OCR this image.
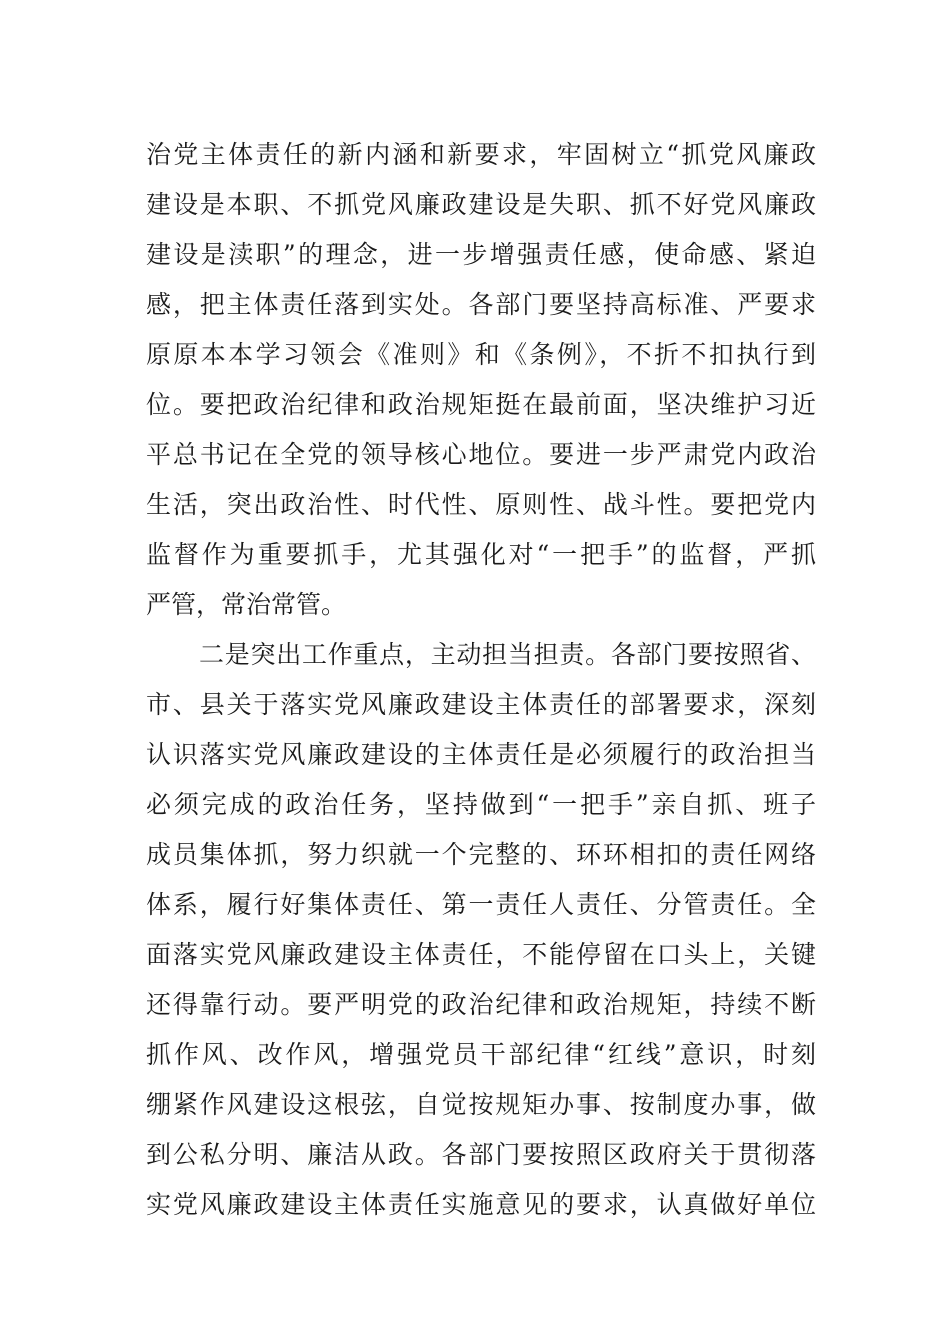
治党主体责任的新内涵和新要求，牢固树立“抓党风廉政
建设是本职、不抓党风廉政建设是失职、抓不好党风廉政
建设是渎职”的理念，进一步增强责任感，使命感、紧迫
感，把主体责任落到实处。各部门要坚持高标准、严要求
原原本本学习领会《准则》和《条例》，不折不扣执行到
位。要把政治纪律和政治规矩挺在最前面，坚决维护习近
平总书记在全党的领导核心地位。要进一步严肃党内政治
生活，突出政治性、时代性、原则性、战斗性。要把党内
监督作为重要抓手，尤其强化对“一把手”的监督，严抓
严管，常治常管。
二是突出工作重点，主动担当担责。各部门要按照省、
市、县关于落实党风廉政建设主体责任的部署要求，深刻
认识落实党风廉政建设的主体责任是必须履行的政治担当
必须完成的政治任务，坚持做到“一把手”亲自抓、班子
成员集体抓，努力织就一个完整的、环环相扣的责任网络
体系，履行好集体责任、第一责任人责任、分管责任。全
面落实党风廉政建设主体责任，不能停留在口头上，关键
还得靠行动。要严明党的政治纪律和政治规矩，持续不断
抓作风、改作风，增强党员干部纪律“红线”意识，时刻
绷紧作风建设这根弦，自觉按规矩办事、按制度办事，做
到公私分明、廉洁从政。各部门要按照区政府关于贯彻落
实党风廉政建设主体责任实施意见的要求，认真做好单位
